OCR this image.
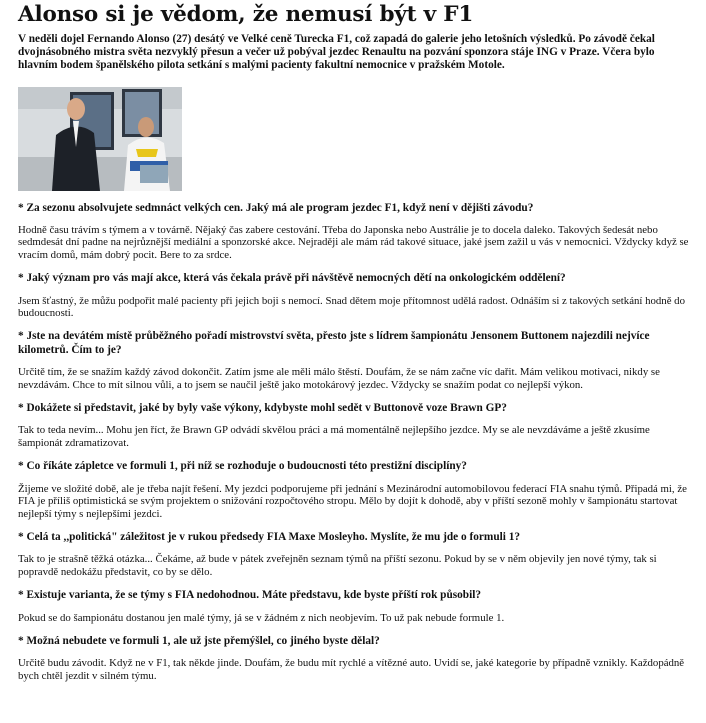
Alonso si je vědom, že nemusí být v F1

V neděli dojel Fernando Alonso (27) desátý ve Velké ceně Turecka F1, což zapadá do galerie jeho letošních výsledků. Po závodě čekal dvojnásobného mistra světa nezvyklý přesun a večer už pobýval jezdec Renaultu na pozvání sponzora stáje ING v Praze. Včera bylo hlavním bodem španělského pilota setkání s malými pacienty fakultní nemocnice v pražském Motole.

* Za sezonu absolvujete sedmnáct velkých cen. Jaký má ale program jezdec F1, když není v dějišti závodu?

Hodně času trávím s týmem a v továrně. Nějaký čas zabere cestování. Třeba do Japonska nebo Austrálie je to docela daleko. Takových šedesát nebo sedmdesát dní padne na nejrůznější mediální a sponzorské akce. Nejraději ale mám rád takové situace, jaké jsem zažil u vás v nemocnici. Vždycky když se vracím domů, mám dobrý pocit. Bere to za srdce.

* Jaký význam pro vás mají akce, která vás čekala právě při návštěvě nemocných dětí na onkologickém oddělení?

Jsem šťastný, že můžu podpořit malé pacienty při jejich boji s nemocí. Snad dětem moje přítomnost udělá radost. Odnáším si z takových setkání hodně do budoucnosti.

* Jste na devátém místě průběžného pořadí mistrovství světa, přesto jste s lídrem šampionátu Jensonem Buttonem najezdili nejvíce kilometrů. Čím to je?

Určitě tím, že se snažím každý závod dokončit. Zatím jsme ale měli málo štěstí. Doufám, že se nám začne víc dařit. Mám velikou motivaci, nikdy se nevzdávám. Chce to mít silnou vůli, a to jsem se naučil ještě jako motokárový jezdec. Vždycky se snažím podat co nejlepší výkon.

* Dokážete si představit, jaké by byly vaše výkony, kdybyste mohl sedět v Buttonově voze Brawn GP?

Tak to teda nevím... Mohu jen říct, že Brawn GP odvádí skvělou práci a má momentálně nejlepšího jezdce. My se ale nevzdáváme a ještě zkusíme šampionát zdramatizovat.

* Co říkáte zápletce ve formuli 1, při níž se rozhoduje o budoucnosti této prestižní disciplíny?

Žijeme ve složité době, ale je třeba najít řešení. My jezdci podporujeme při jednání s Mezinárodní automobilovou federací FIA snahu týmů. Připadá mi, že FIA je příliš optimistická se svým projektem o snižování rozpočtového stropu. Mělo by dojít k dohodě, aby v příští sezoně mohly v šampionátu startovat nejlepší týmy s nejlepšími jezdci.

* Celá ta ,,politická" záležitost je v rukou předsedy FIA Maxe Mosleyho. Myslíte, že mu jde o formuli 1?

Tak to je strašně těžká otázka... Čekáme, až bude v pátek zveřejněn seznam týmů na příští sezonu. Pokud by se v něm objevily jen nové týmy, tak si popravdě nedokážu představit, co by se dělo.

* Existuje varianta, že se týmy s FIA nedohodnou. Máte představu, kde byste příští rok působil?

Pokud se do šampionátu dostanou jen malé týmy, já se v žádném z nich neobjevím. To už pak nebude formule 1.

* Možná nebudete ve formuli 1, ale už jste přemýšlel, co jiného byste dělal?

Určitě budu závodit. Když ne v F1, tak někde jinde. Doufám, že budu mít rychlé a vítězné auto. Uvidí se, jaké kategorie by případně vznikly. Každopádně bych chtěl jezdit v silném týmu.
